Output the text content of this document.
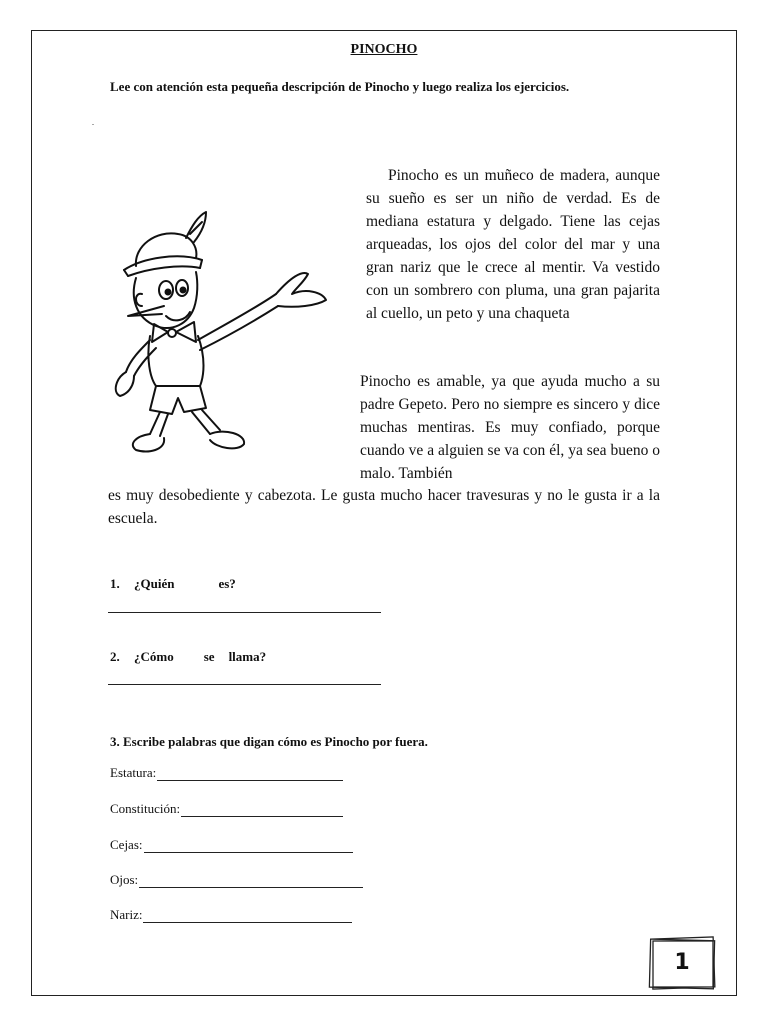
PINOCHO
Lee con atención esta pequeña descripción de Pinocho y luego realiza los ejercicios.
.

Pinocho es un muñeco de madera, aunque su sueño es ser un niño de verdad. Es de mediana estatura y delgado. Tiene las cejas arqueadas, los ojos del color del mar y una gran nariz que le crece al mentir. Va vestido con un sombrero con pluma, una gran pajarita al cuello, un peto y una chaqueta

Pinocho es amable, ya que ayuda mucho a su padre Gepeto. Pero no siempre es sincero y dice muchas mentiras. Es muy confiado, porque cuando ve a alguien se va con él, ya sea bueno o malo. También

es muy desobediente y cabezota. Le gusta mucho hacer travesuras y no le gusta ir a la escuela.

1. ¿Quién	es?
2. ¿Cómo se llama?
3. Escribe palabras que digan cómo es Pinocho por fuera.
Estatura:
Constitución:
Cejas:
Ojos:
Nariz:
1
